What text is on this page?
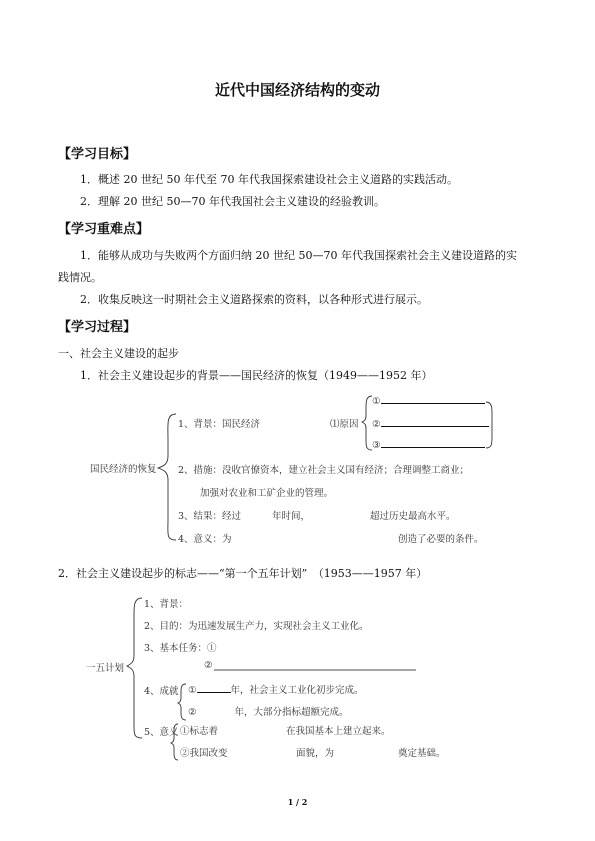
近代中国经济结构的变动
【学习目标】
1．概述 20 世纪 50 年代至 70 年代我国探索建设社会主义道路的实践活动。
2．理解 20 世纪 50—70 年代我国社会主义建设的经验教训。
【学习重难点】
1．能够从成功与失败两个方面归纳 20 世纪 50—70 年代我国探索社会主义建设道路的实
践情况。
2．收集反映这一时期社会主义道路探索的资料，以各种形式进行展示。
【学习过程】
一、社会主义建设的起步
1．社会主义建设起步的背景——国民经济的恢复（1949——1952 年）
国民经济的恢复
1、背景：国民经济	⑴原因
①
②
③
2、措施：没收官僚资本，建立社会主义国有经济；合理调整工商业；
加强对农业和工矿企业的管理。
3、结果：经过	年时间，	超过历史最高水平。
4、意义：为	创造了必要的条件。
2．社会主义建设起步的标志——“第一个五年计划”　（1953——1957 年）
一五计划
1、背景：
2、目的：为迅速发展生产力，实现社会主义工业化。
3、基本任务：①
②
4、成就 ①	年，社会主义工业化初步完成。
②	年，大部分指标超额完成。
5、意义 ①标志着	在我国基本上建立起来。
②我国改变	面貌，为	奠定基础。
1 / 2
